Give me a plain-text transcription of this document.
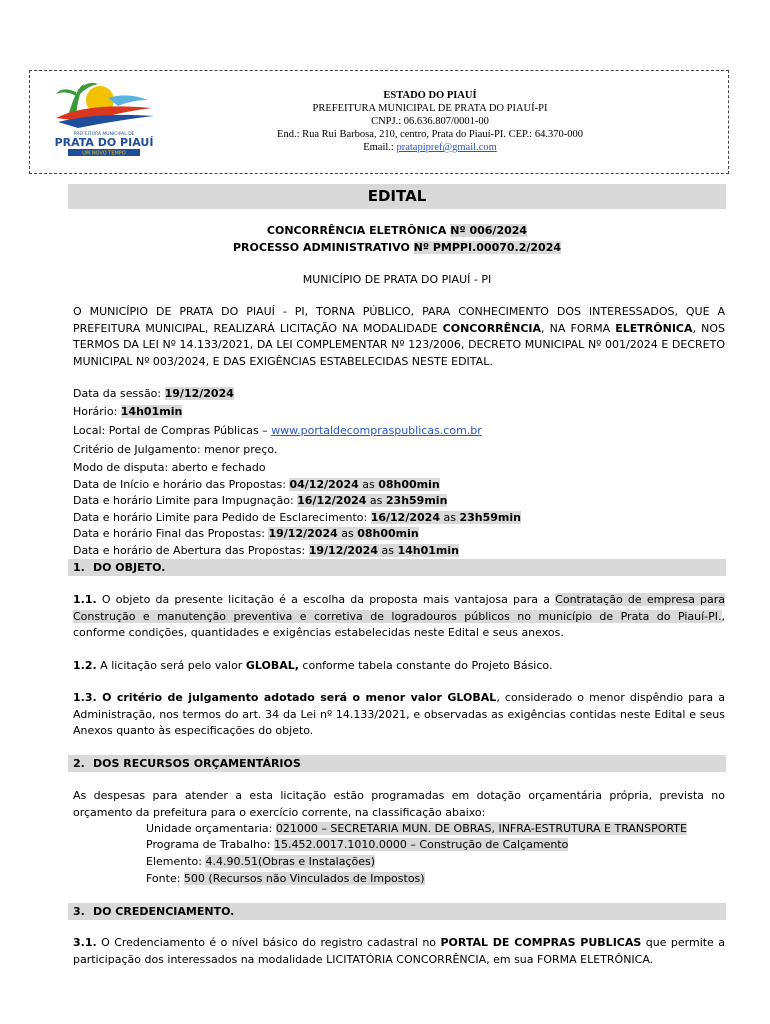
PREFEITURA MUNICIPAL DE
PRATA DO PIAUÍ
UM NOVO TEMPO
ESTADO DO PIAUÍ
PREFEITURA MUNICIPAL DE PRATA DO PIAUÍ-PI
CNPJ.: 06.636.807/0001-00
End.: Rua Rui Barbosa, 210, centro, Prata do Piauí-PI. CEP.: 64.370-000
Email.: pratapipref@gmail.com
EDITAL
CONCORRÊNCIA ELETRÔNICA Nº 006/2024
PROCESSO ADMINISTRATIVO Nº PMPPI.00070.2/2024
MUNICÍPIO DE PRATA DO PIAUÍ - PI
O MUNICÍPIO DE PRATA DO PIAUÍ - PI, TORNA PÚBLICO, PARA CONHECIMENTO DOS INTERESSADOS, QUE A PREFEITURA MUNICIPAL, REALIZARÁ LICITAÇÃO NA MODALIDADE CONCORRÊNCIA, NA FORMA ELETRÔNICA, NOS TERMOS DA LEI Nº 14.133/2021, DA LEI COMPLEMENTAR Nº 123/2006, DECRETO MUNICIPAL Nº 001/2024 E DECRETO MUNICIPAL Nº 003/2024, E DAS EXIGÊNCIAS ESTABELECIDAS NESTE EDITAL.
Data da sessão: 19/12/2024
Horário: 14h01min
Local: Portal de Compras Públicas – www.portaldecompraspublicas.com.br
Critério de Julgamento: menor preço.
Modo de disputa: aberto e fechado
Data de Início e horário das Propostas: 04/12/2024 as 08h00min
Data e horário Limite para Impugnação: 16/12/2024 as 23h59min
Data e horário Limite para Pedido de Esclarecimento: 16/12/2024 as 23h59min
Data e horário Final das Propostas: 19/12/2024 as 08h00min
Data e horário de Abertura das Propostas: 19/12/2024 as 14h01min
1. DO OBJETO.
1.1. O objeto da presente licitação é a escolha da proposta mais vantajosa para a Contratação de empresa para Construção e manutenção preventiva e corretiva de logradouros públicos no município de Prata do Piauí-PI., conforme condições, quantidades e exigências estabelecidas neste Edital e seus anexos.
1.2. A licitação será pelo valor GLOBAL, conforme tabela constante do Projeto Básico.
1.3. O critério de julgamento adotado será o menor valor GLOBAL, considerado o menor dispêndio para a Administração, nos termos do art. 34 da Lei nº 14.133/2021, e observadas as exigências contidas neste Edital e seus Anexos quanto às especificações do objeto.
2. DOS RECURSOS ORÇAMENTÁRIOS
As despesas para atender a esta licitação estão programadas em dotação orçamentária própria, prevista no orçamento da prefeitura para o exercício corrente, na classificação abaixo:
Unidade orçamentaria: 021000 – SECRETARIA MUN. DE OBRAS, INFRA-ESTRUTURA E TRANSPORTE
Programa de Trabalho: 15.452.0017.1010.0000 – Construção de Calçamento
Elemento: 4.4.90.51(Obras e Instalações)
Fonte: 500 (Recursos não Vinculados de Impostos)
3. DO CREDENCIAMENTO.
3.1. O Credenciamento é o nível básico do registro cadastral no PORTAL DE COMPRAS PUBLICAS que permite a participação dos interessados na modalidade LICITATÓRIA CONCORRÊNCIA, em sua FORMA ELETRÔNICA.
